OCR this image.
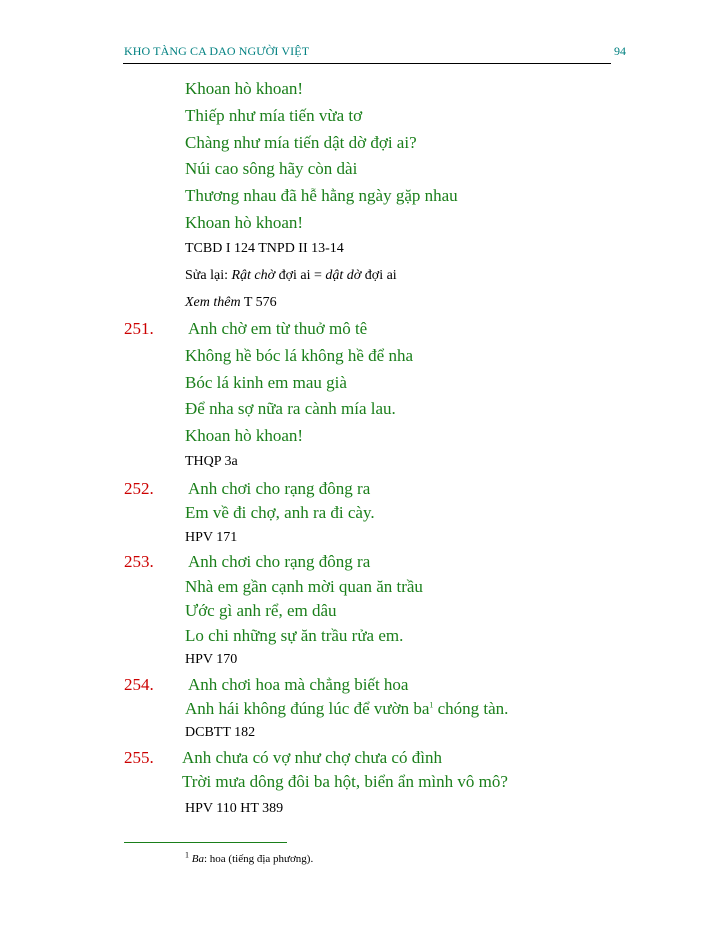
KHO TÀNG CA DAO NGƯỜI VIỆT	94
Khoan hò khoan!
Thiếp như mía tiến vừa tơ
Chàng như mía tiến dật dờ đợi ai?
Núi cao sông hãy còn dài
Thương nhau đã hễ hằng ngày gặp nhau
Khoan hò khoan!
TCBD I 124 TNPD II 13-14
Sửa lại: Rật chờ đợi ai = dật dờ đợi ai
Xem thêm T 576
251. Anh chờ em từ thuở mô tê
Không hề bóc lá không hề để nha
Bóc lá kinh em mau già
Để nha sợ nữa ra cành mía lau.
Khoan hò khoan!
THQP 3a
252. Anh chơi cho rạng đông ra
Em về đi chợ, anh ra đi cày.
HPV 171
253. Anh chơi cho rạng đông ra
Nhà em gần cạnh mời quan ăn trầu
Ước gì anh rể, em dâu
Lo chi những sự ăn trầu rửa em.
HPV 170
254. Anh chơi hoa mà chẳng biết hoa
Anh hái không đúng lúc để vườn $ba^1$ chóng tàn.
DCBTT 182
255. Anh chưa có vợ như chợ chưa có đình
Trời mưa dông đôi ba hột, biển ẩn mình vô mô?
HPV 110 HT 389
$^1$ Ba: hoa (tiếng địa phương).
